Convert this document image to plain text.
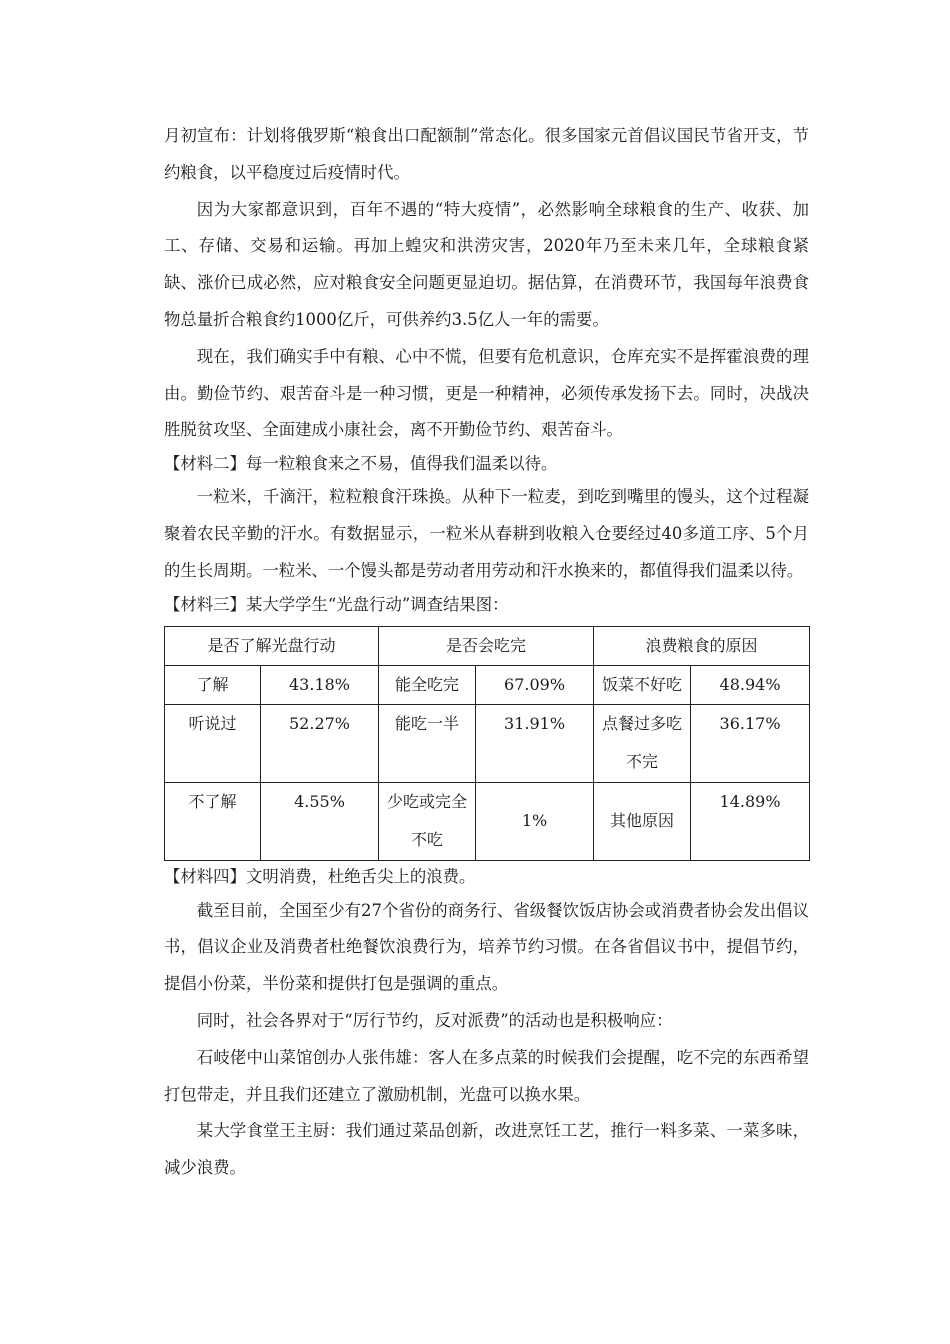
月初宣布：计划将俄罗斯“粮食出口配额制”常态化。很多国家元首倡议国民节省开支，节约粮食，以平稳度过后疫情时代。

因为大家都意识到，百年不遇的“特大疫情”，必然影响全球粮食的生产、收获、加工、存储、交易和运输。再加上蝗灾和洪涝灾害，2020年乃至未来几年，全球粮食紧缺、涨价已成必然，应对粮食安全问题更显迫切。据估算，在消费环节，我国每年浪费食物总量折合粮食约1000亿斤，可供养约3.5亿人一年的需要。

现在，我们确实手中有粮、心中不慌，但要有危机意识，仓库充实不是挥霍浪费的理由。勤俭节约、艰苦奋斗是一种习惯，更是一种精神，必须传承发扬下去。同时，决战决胜脱贫攻坚、全面建成小康社会，离不开勤俭节约、艰苦奋斗。

【材料二】每一粒粮食来之不易，值得我们温柔以待。

一粒米，千滴汗，粒粒粮食汗珠换。从种下一粒麦，到吃到嘴里的馒头，这个过程凝聚着农民辛勤的汗水。有数据显示，一粒米从春耕到收粮入仓要经过40多道工序、5个月的生长周期。一粒米、一个馒头都是劳动者用劳动和汗水换来的，都值得我们温柔以待。

【材料三】某大学学生“光盘行动”调查结果图：

是否了解光盘行动		是否会吃完		浪费粮食的原因	
了解	43.18%	能全吃完	67.09%	饭菜不好吃	48.94%
听说过	52.27%	能吃一半	31.91%	点餐过多吃不完	36.17%
不了解	4.55%	少吃或完全不吃	1%	其他原因	14.89%

【材料四】文明消费，杜绝舌尖上的浪费。

截至目前，全国至少有27个省份的商务行、省级餐饮饭店协会或消费者协会发出倡议书，倡议企业及消费者杜绝餐饮浪费行为，培养节约习惯。在各省倡议书中，提倡节约，提倡小份菜，半份菜和提供打包是强调的重点。

同时，社会各界对于“厉行节约，反对派费”的活动也是积极响应：

石岐佬中山菜馆创办人张伟雄：客人在多点菜的时候我们会提醒，吃不完的东西希望打包带走，并且我们还建立了激励机制，光盘可以换水果。

某大学食堂王主厨：我们通过菜品创新，改进烹饪工艺，推行一料多菜、一菜多味，减少浪费。
